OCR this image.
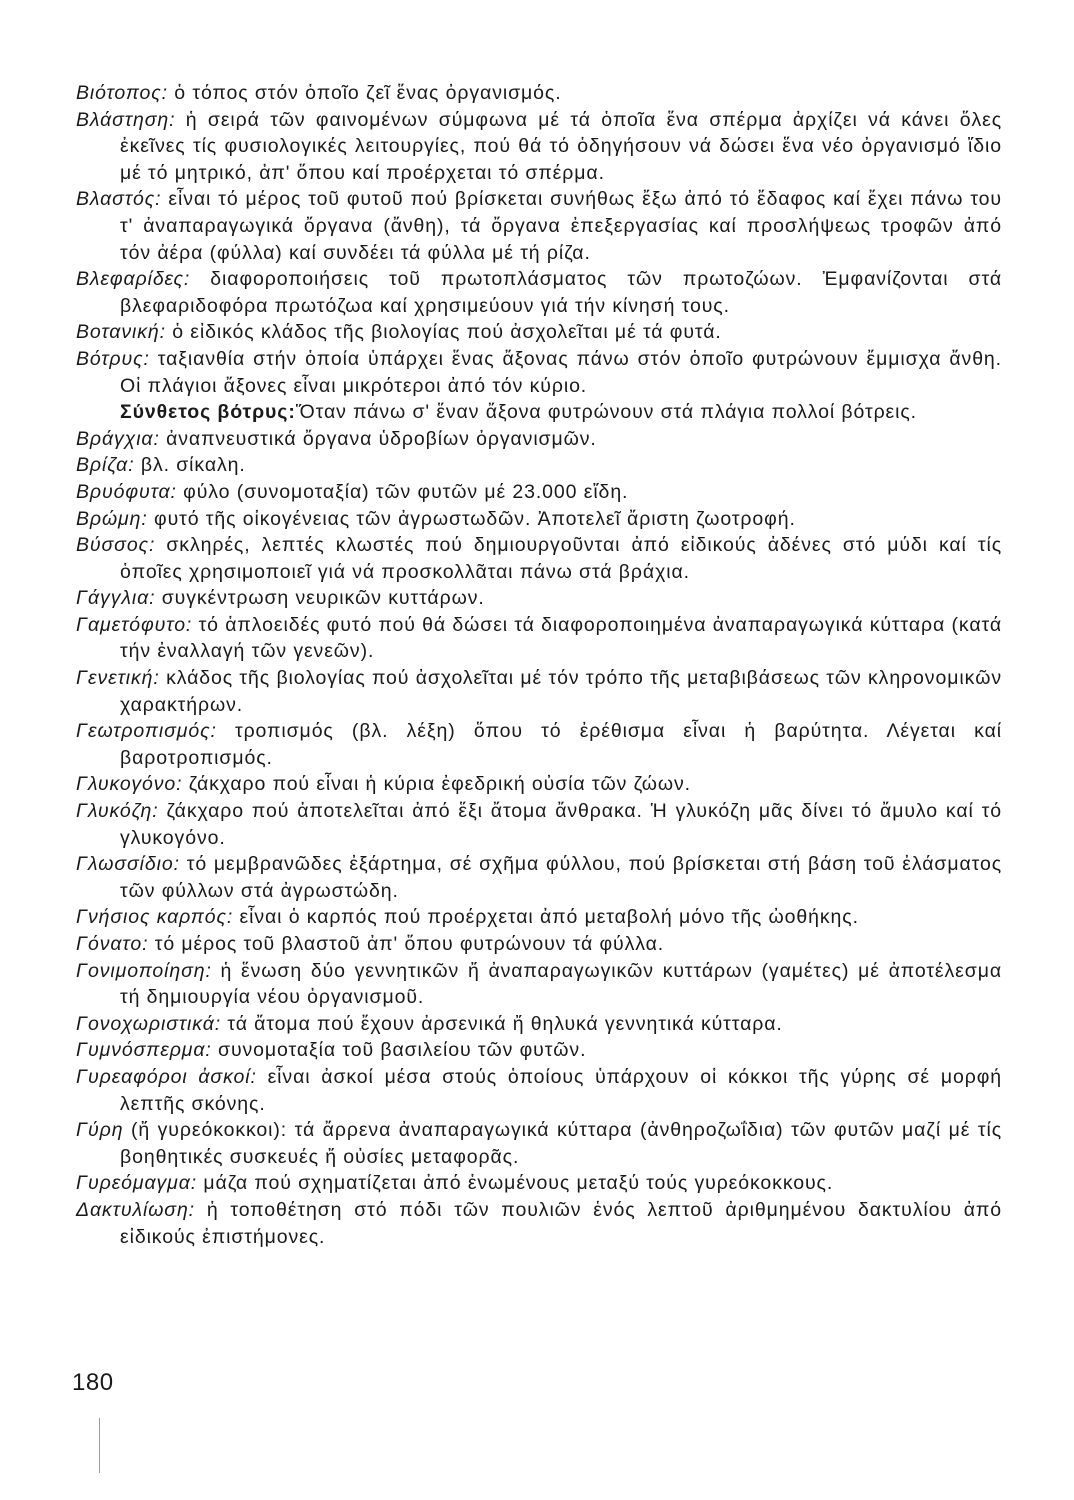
Βιότοπος: ὁ τόπος στόν ὁποῖο ζεῖ ἕνας ὀργανισμός.

Βλάστηση: ἡ σειρά τῶν φαινομένων σύμφωνα μέ τά ὁποῖα ἕνα σπέρμα ἀρχίζει νά κάνει ὅλες ἐκεῖνες τίς φυσιολογικές λειτουργίες, πού θά τό ὁδηγήσουν νά δώσει ἕνα νέο ὀργανισμό ἴδιο μέ τό μητρικό, ἀπ' ὅπου καί προέρχεται τό σπέρμα.

Βλαστός: εἶναι τό μέρος τοῦ φυτοῦ πού βρίσκεται συνήθως ἔξω ἀπό τό ἔδαφος καί ἔχει πάνω του τ' ἀναπαραγωγικά ὄργανα (ἄνθη), τά ὄργανα ἐπεξεργασίας καί προσλήψεως τροφῶν ἀπό τόν ἀέρα (φύλλα) καί συνδέει τά φύλλα μέ τή ρίζα.

Βλεφαρίδες: διαφοροποιήσεις τοῦ πρωτοπλάσματος τῶν πρωτοζώων. Ἐμφανίζονται στά βλεφαριδοφόρα πρωτόζωα καί χρησιμεύουν γιά τήν κίνησή τους.

Βοτανική: ὁ εἰδικός κλάδος τῆς βιολογίας πού ἀσχολεῖται μέ τά φυτά.

Βότρυς: ταξιανθία στήν ὁποία ὑπάρχει ἕνας ἄξονας πάνω στόν ὁποῖο φυτρώνουν ἔμμισχα ἄνθη. Οἱ πλάγιοι ἄξονες εἶναι μικρότεροι ἀπό τόν κύριο.

Σύνθετος βότρυς:Ὅταν πάνω σ' ἕναν ἄξονα φυτρώνουν στά πλάγια πολλοί βότρεις.

Βράγχια: ἀναπνευστικά ὄργανα ὑδροβίων ὀργανισμῶν.

Βρίζα: βλ. σίκαλη.

Βρυόφυτα: φύλο (συνομοταξία) τῶν φυτῶν μέ 23.000 εἴδη.

Βρώμη: φυτό τῆς οἰκογένειας τῶν ἀγρωστωδῶν. Ἀποτελεῖ ἄριστη ζωοτροφή.

Βύσσος: σκληρές, λεπτές κλωστές πού δημιουργοῦνται ἀπό εἰδικούς ἀδένες στό μύδι καί τίς ὁποῖες χρησιμοποιεῖ γιά νά προσκολλᾶται πάνω στά βράχια.

Γάγγλια: συγκέντρωση νευρικῶν κυττάρων.

Γαμετόφυτο: τό ἁπλοειδές φυτό πού θά δώσει τά διαφοροποιημένα ἀναπαραγωγικά κύτταρα (κατά τήν ἐναλλαγή τῶν γενεῶν).

Γενετική: κλάδος τῆς βιολογίας πού ἀσχολεῖται μέ τόν τρόπο τῆς μεταβιβάσεως τῶν κληρονομικῶν χαρακτήρων.

Γεωτροπισμός: τροπισμός (βλ. λέξη) ὅπου τό ἐρέθισμα εἶναι ἡ βαρύτητα. Λέγεται καί βαροτροπισμός.

Γλυκογόνο: ζάκχαρο πού εἶναι ἡ κύρια ἐφεδρική οὐσία τῶν ζώων.

Γλυκόζη: ζάκχαρο πού ἀποτελεῖται ἀπό ἕξι ἄτομα ἄνθρακα. Ἡ γλυκόζη μᾶς δίνει τό ἄμυλο καί τό γλυκογόνο.

Γλωσσίδιο: τό μεμβρανῶδες ἐξάρτημα, σέ σχῆμα φύλλου, πού βρίσκεται στή βάση τοῦ ἐλάσματος τῶν φύλλων στά ἀγρωστώδη.

Γνήσιος καρπός: εἶναι ὁ καρπός πού προέρχεται ἀπό μεταβολή μόνο τῆς ὠοθήκης.

Γόνατο: τό μέρος τοῦ βλαστοῦ ἀπ' ὅπου φυτρώνουν τά φύλλα.

Γονιμοποίηση: ἡ ἕνωση δύο γεννητικῶν ἤ ἀναπαραγωγικῶν κυττάρων (γαμέτες) μέ ἀποτέλεσμα τή δημιουργία νέου ὀργανισμοῦ.

Γονοχωριστικά: τά ἄτομα πού ἔχουν ἀρσενικά ἤ θηλυκά γεννητικά κύτταρα.

Γυμνόσπερμα: συνομοταξία τοῦ βασιλείου τῶν φυτῶν.

Γυρεαφόροι ἀσκοί: εἶναι ἀσκοί μέσα στούς ὁποίους ὑπάρχουν οἱ κόκκοι τῆς γύρης σέ μορφή λεπτῆς σκόνης.

Γύρη (ἤ γυρεόκοκκοι): τά ἄρρενα ἀναπαραγωγικά κύτταρα (ἀνθηροζωΐδια) τῶν φυτῶν μαζί μέ τίς βοηθητικές συσκευές ἤ οὐσίες μεταφορᾶς.

Γυρεόμαγμα: μάζα πού σχηματίζεται ἀπό ἑνωμένους μεταξύ τούς γυρεόκοκκους.

Δακτυλίωση: ἡ τοποθέτηση στό πόδι τῶν πουλιῶν ἑνός λεπτοῦ ἀριθμημένου δακτυλίου ἀπό εἰδικούς ἐπιστήμονες.

180
